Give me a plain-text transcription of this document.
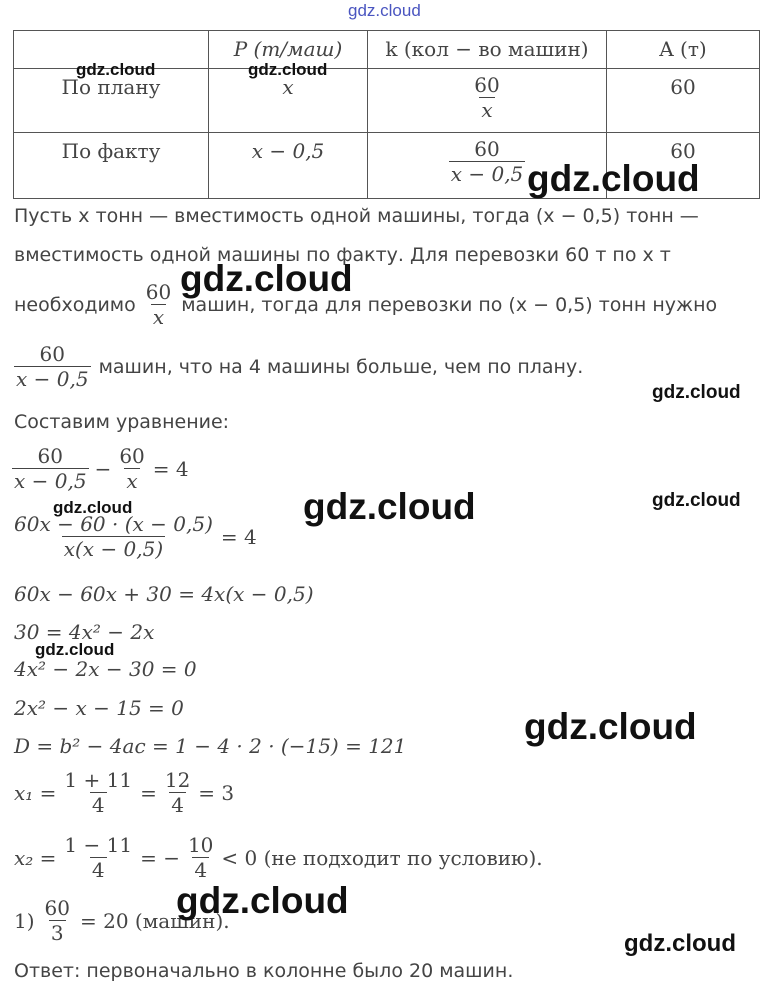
gdz.cloud
	P (т/маш)	k (кол − во машин)	A (т)
По плану	x	$\frac{60}{x}$	60
По факту	x − 0,5	$\frac{60}{x - 0,5}$	60
Пусть x тонн — вместимость одной машины, тогда (x − 0,5) тонн —
вместимость одной машины по факту. Для перевозки 60 т по x т
необходимо $\frac{60}{x}$ машин, тогда для перевозки по (x − 0,5) тонн нужно
$\frac{60}{x - 0,5}$ машин, что на 4 машины больше, чем по плану.
Составим уравнение:
$\frac{60}{x - 0,5} - \frac{60}{x} = 4$
$\frac{60x - 60 \cdot (x - 0,5)}{x(x - 0,5)} = 4$
60x − 60x + 30 = 4x(x − 0,5)
30 = 4x² − 2x
4x² − 2x − 30 = 0
2x² − x − 15 = 0
D = b² − 4ac = 1 − 4 · 2 · (−15) = 121
$x_1 = \frac{1 + 11}{4} = \frac{12}{4} = 3$
$x_2 = \frac{1 - 11}{4}$ = − $\frac{10}{4} < 0$ (не подходит по условию).
$1) \frac{60}{3} = 20$ (машин).
Ответ: первоначально в колонне было 20 машин.
gdz.cloud	gdz.cloud
gdz.cloud
gdz.cloud
gdz.cloud
gdz.cloud	gdz.cloud
gdz.cloud
gdz.cloud
gdz.cloud
gdz.cloud
gdz.cloud
